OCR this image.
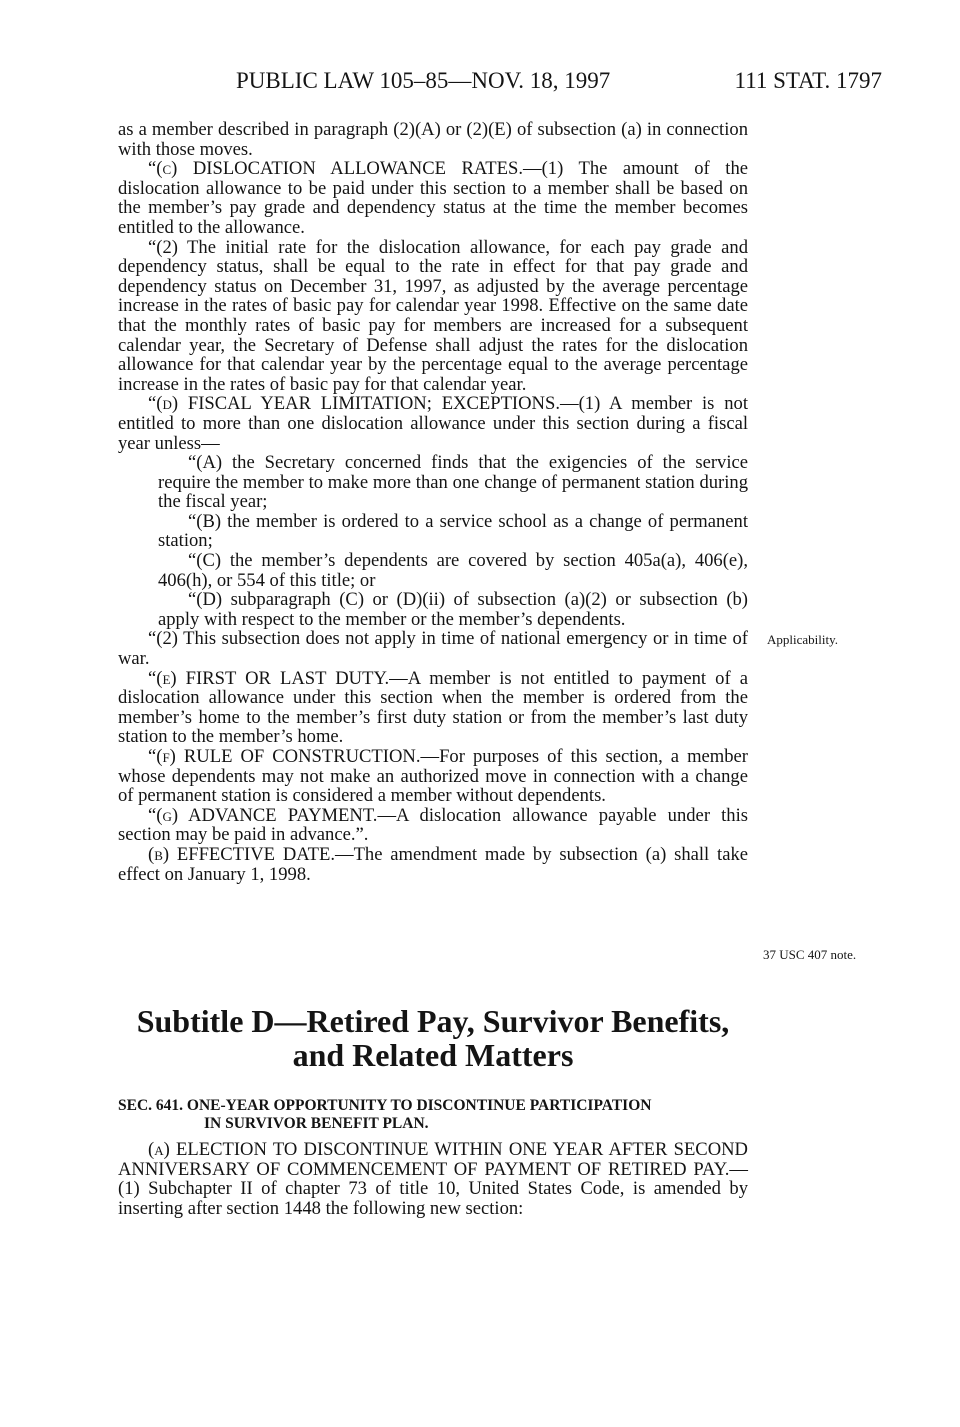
PUBLIC LAW 105–85—NOV. 18, 1997	111 STAT. 1797

as a member described in paragraph (2)(A) or (2)(E) of subsection (a) in connection with those moves.

“(c) DISLOCATION ALLOWANCE RATES.—(1) The amount of the dislocation allowance to be paid under this section to a member shall be based on the member’s pay grade and dependency status at the time the member becomes entitled to the allowance.

“(2) The initial rate for the dislocation allowance, for each pay grade and dependency status, shall be equal to the rate in effect for that pay grade and dependency status on December 31, 1997, as adjusted by the average percentage increase in the rates of basic pay for calendar year 1998. Effective on the same date that the monthly rates of basic pay for members are increased for a subsequent calendar year, the Secretary of Defense shall adjust the rates for the dislocation allowance for that calendar year by the percentage equal to the average percentage increase in the rates of basic pay for that calendar year.

“(d) FISCAL YEAR LIMITATION; EXCEPTIONS.—(1) A member is not entitled to more than one dislocation allowance under this section during a fiscal year unless—

“(A) the Secretary concerned finds that the exigencies of the service require the member to make more than one change of permanent station during the fiscal year;

“(B) the member is ordered to a service school as a change of permanent station;

“(C) the member’s dependents are covered by section 405a(a), 406(e), 406(h), or 554 of this title; or

“(D) subparagraph (C) or (D)(ii) of subsection (a)(2) or subsection (b) apply with respect to the member or the member’s dependents.

“(2) This subsection does not apply in time of national emergency or in time of war.

“(e) FIRST OR LAST DUTY.—A member is not entitled to payment of a dislocation allowance under this section when the member is ordered from the member’s home to the member’s first duty station or from the member’s last duty station to the member’s home.

“(f) RULE OF CONSTRUCTION.—For purposes of this section, a member whose dependents may not make an authorized move in connection with a change of permanent station is considered a member without dependents.

“(g) ADVANCE PAYMENT.—A dislocation allowance payable under this section may be paid in advance.”.

(b) EFFECTIVE DATE.—The amendment made by subsection (a) shall take effect on January 1, 1998.

Applicability.
37 USC 407 note.
Subtitle D—Retired Pay, Survivor Benefits, and Related Matters
SEC. 641. ONE-YEAR OPPORTUNITY TO DISCONTINUE PARTICIPATION
IN SURVIVOR BENEFIT PLAN.

(a) ELECTION TO DISCONTINUE WITHIN ONE YEAR AFTER SECOND ANNIVERSARY OF COMMENCEMENT OF PAYMENT OF RETIRED PAY.—(1) Subchapter II of chapter 73 of title 10, United States Code, is amended by inserting after section 1448 the following new section:
